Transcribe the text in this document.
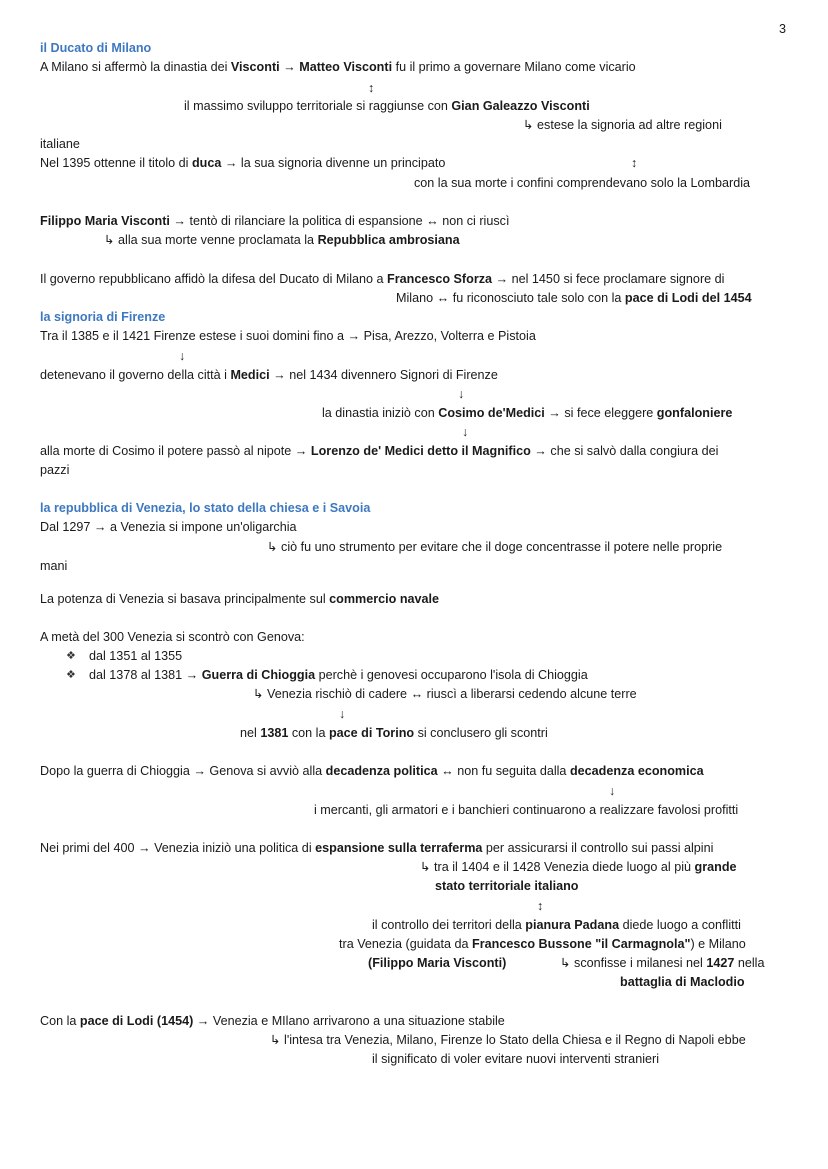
3
il Ducato di Milano
A Milano si affermò la dinastia dei Visconti → Matteo Visconti fu il primo a governare Milano come vicario
↕
il massimo sviluppo territoriale si raggiunse con Gian Galeazzo Visconti
↳ estese la signoria ad altre regioni
italiane
Nel 1395 ottenne il titolo di duca → la sua signoria divenne un principato	↕
con la sua morte i confini comprendevano solo la Lombardia
Filippo Maria Visconti → tentò di rilanciare la politica di espansione ↔ non ci riuscì
↳ alla sua morte venne proclamata la Repubblica ambrosiana
Il governo repubblicano affidò la difesa del Ducato di Milano a Francesco Sforza → nel 1450 si fece proclamare signore di
Milano ↔ fu riconosciuto tale solo con la pace di Lodi del 1454
la signoria di Firenze
Tra il 1385 e il 1421 Firenze estese i suoi domini fino a → Pisa, Arezzo, Volterra e Pistoia
↓
detenevano il governo della città i Medici → nel 1434 divennero Signori di Firenze
↓
la dinastia iniziò con Cosimo de'Medici → si fece eleggere gonfaloniere
↓
alla morte di Cosimo il potere passò al nipote → Lorenzo de' Medici detto il Magnifico → che si salvò dalla congiura dei
pazzi
la repubblica di Venezia, lo stato della chiesa e i Savoia
Dal 1297 → a Venezia si impone un'oligarchia
↳ ciò fu uno strumento per evitare che il doge concentrasse il potere nelle proprie
mani
La potenza di Venezia si basava principalmente sul commercio navale
A metà del 300 Venezia si scontrò con Genova:
❖ dal 1351 al 1355
❖ dal 1378 al 1381 → Guerra di Chioggia perchè i genovesi occuparono l'isola di Chioggia
↳ Venezia rischiò di cadere ↔ riuscì a liberarsi cedendo alcune terre
↓
nel 1381 con la pace di Torino si conclusero gli scontri
Dopo la guerra di Chioggia → Genova si avviò alla decadenza politica ↔ non fu seguita dalla decadenza economica
↓
i mercanti, gli armatori e i banchieri continuarono a realizzare favolosi profitti
Nei primi del 400 → Venezia iniziò una politica di espansione sulla terraferma per assicurarsi il controllo sui passi alpini
↳ tra il 1404 e il 1428 Venezia diede luogo al più grande
stato territoriale italiano
↕
il controllo dei territori della pianura Padana diede luogo a conflitti
tra Venezia (guidata da Francesco Bussone "il Carmagnola") e Milano
(Filippo Maria Visconti)	↳ sconfisse i milanesi nel 1427 nella
battaglia di Maclodio
Con la pace di Lodi (1454) → Venezia e MIlano arrivarono a una situazione stabile
↳ l'intesa tra Venezia, Milano, Firenze lo Stato della Chiesa e il Regno di Napoli ebbe
il significato di voler evitare nuovi interventi stranieri
